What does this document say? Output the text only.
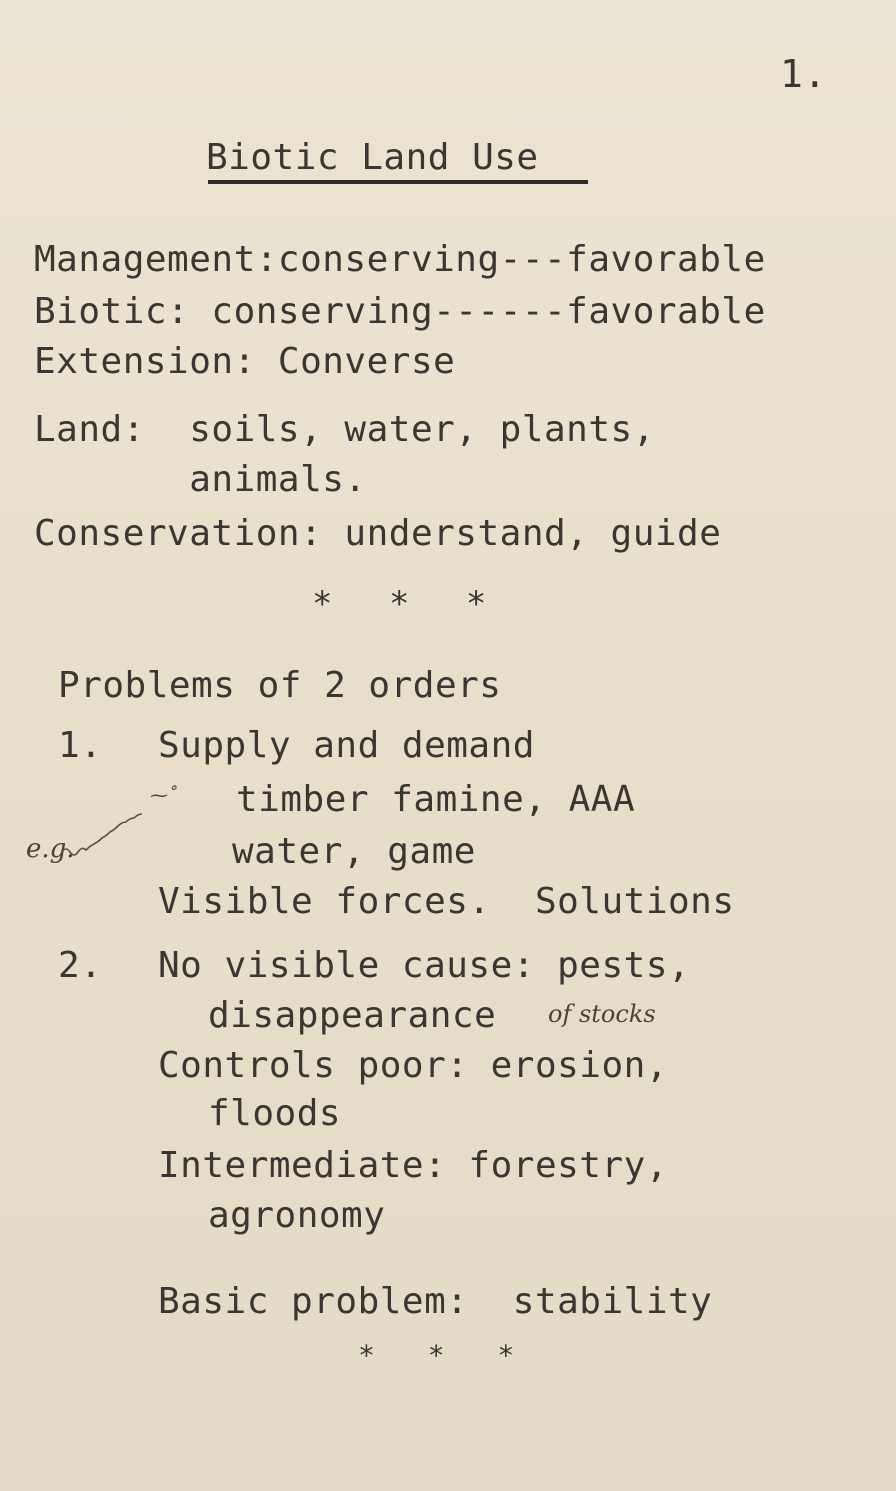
1.
Biotic Land Use
Management:conserving---favorable
Biotic: conserving------favorable
Extension: Converse
Land:  soils, water, plants,
animals.
Conservation: understand, guide
* * *
Problems of 2 orders
1. Supply and demand
⁓˚ timber famine, AAA
water, game
e.g.
Visible forces.  Solutions
2. No visible cause: pests,
disappearance of stocks
Controls poor: erosion,
floods
Intermediate: forestry,
agronomy
Basic problem:  stability
* * *
